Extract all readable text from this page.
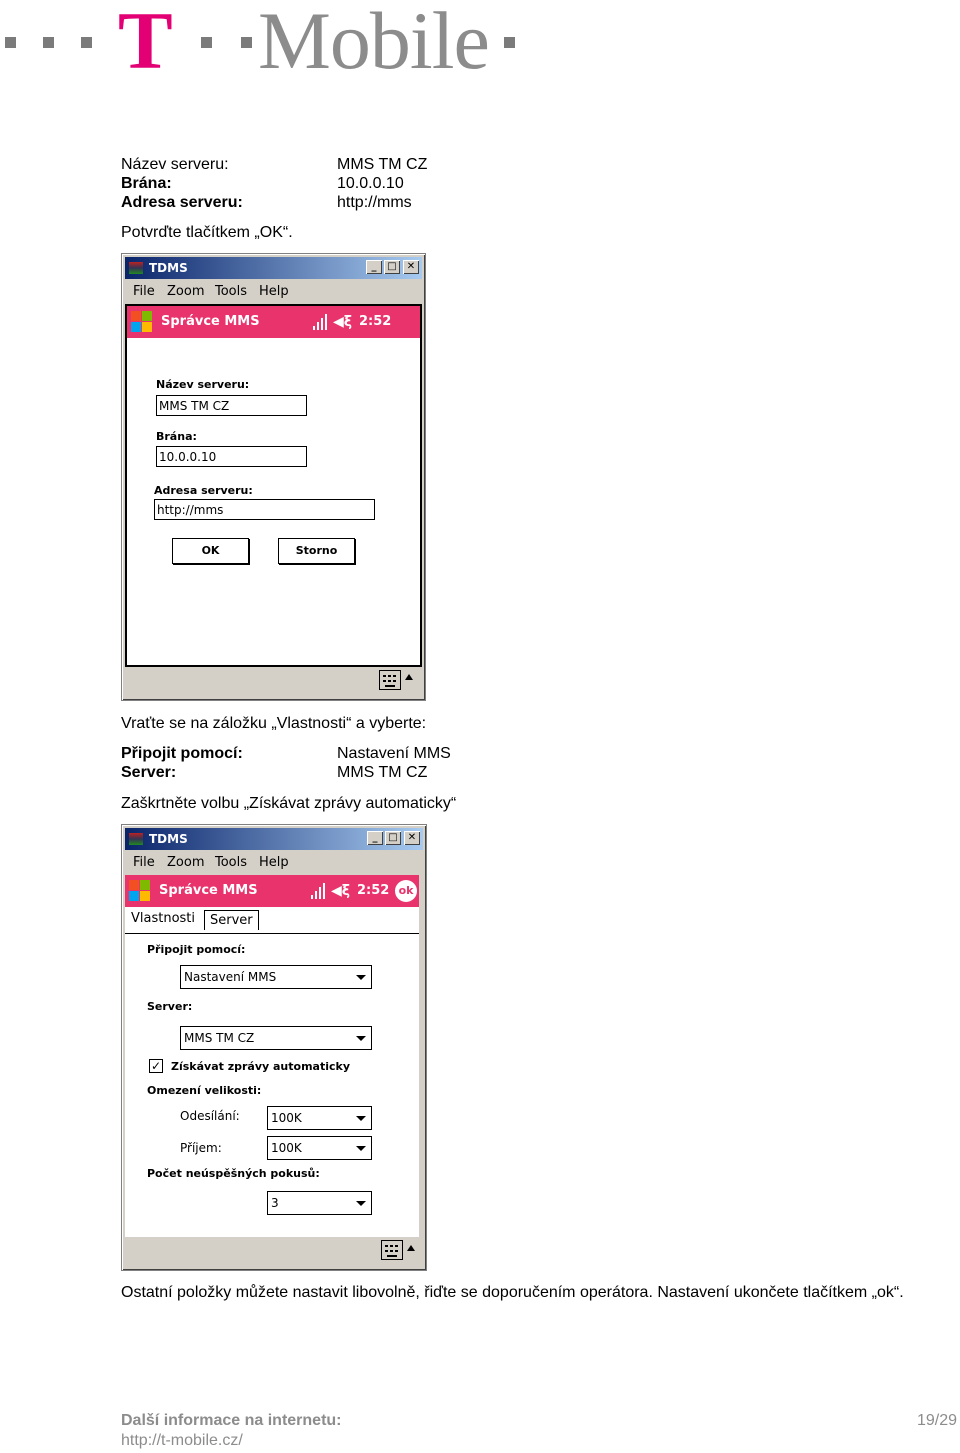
T Mobile
Název serveru:	MMS TM CZ
Brána:	10.0.0.10
Adresa serveru:	http://mms
Potvrďte tlačítkem „OK“.
TDMS	_	□	✕
File Zoom Tools Help
Správce MMS	◀ξ 2:52
Název serveru:
MMS TM CZ
Brána:
10.0.0.10
Adresa serveru:
http://mms
OK	Storno
Vraťte se na záložku „Vlastnosti“ a vyberte:
Připojit pomocí:	Nastavení MMS
Server:	MMS TM CZ
Zaškrtněte volbu „Získávat zprávy automaticky“
TDMS	_	□	✕
File Zoom Tools Help
Správce MMS	◀ξ 2:52 ok
Vlastnosti	Server
Připojit pomocí:
Nastavení MMS
Server:
MMS TM CZ
✓ Získávat zprávy automaticky
Omezení velikosti:
Odesílání:	100K
Příjem:	100K
Počet neúspěšných pokusů:
3
Ostatní položky můžete nastavit libovolně, řiďte se doporučením operátora. Nastavení ukončete tlačítkem „ok“.
Další informace na internetu:
http://t-mobile.cz/
19/29
